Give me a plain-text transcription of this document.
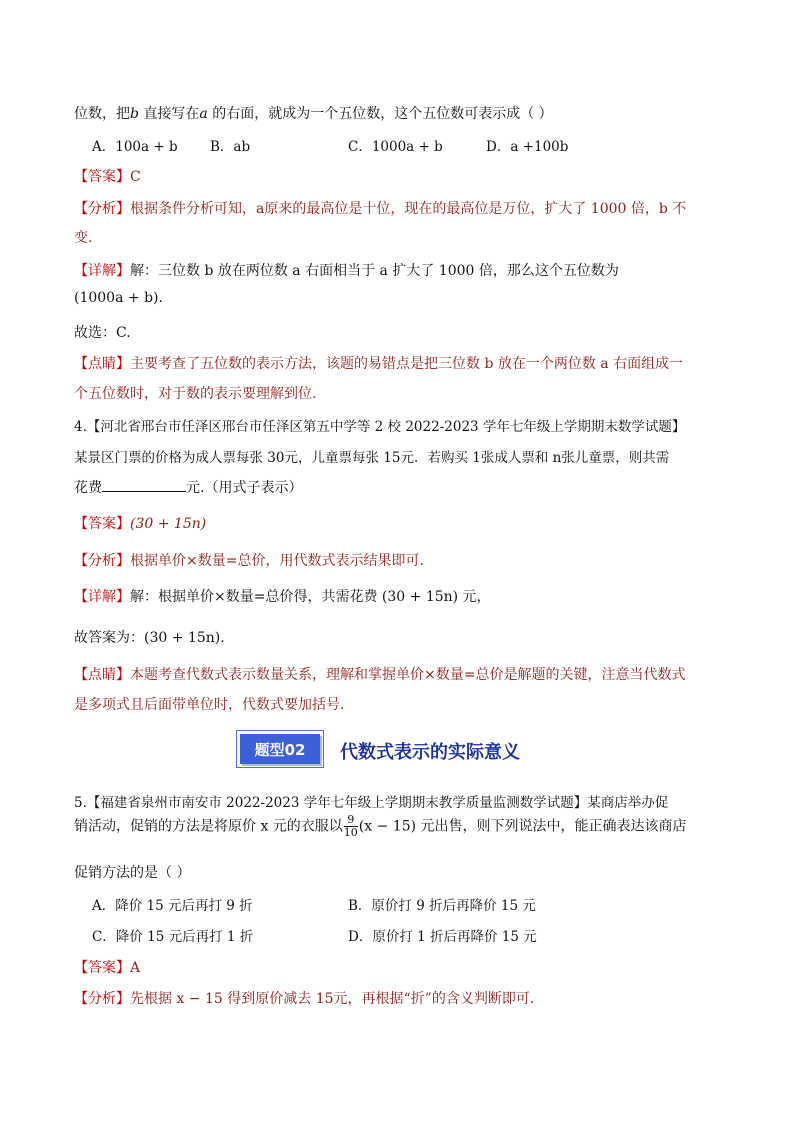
位数，把b 直接写在a 的右面，就成为一个五位数，这个五位数可表示成（ ）
A．100a + b B．ab	C．1000a + b	D．a +100b
【答案】C
【分析】根据条件分析可知，a原来的最高位是十位，现在的最高位是万位，扩大了 1000 倍，b 不
变.
【详解】解：三位数 b 放在两位数 a 右面相当于 a 扩大了 1000 倍，那么这个五位数为
(1000a + b).
故选：C.
【点睛】主要考查了五位数的表示方法，该题的易错点是把三位数 b 放在一个两位数 a 右面组成一
个五位数时，对于数的表示要理解到位.
4.【河北省邢台市任泽区邢台市任泽区第五中学等 2 校 2022-2023 学年七年级上学期期末数学试题】
某景区门票的价格为成人票每张 30元，儿童票每张 15元．若购买 1张成人票和 n张儿童票，则共需
花费	元.（用式子表示）
【答案】(30 + 15n)
【分析】根据单价×数量=总价，用代数式表示结果即可．
【详解】解：根据单价×数量=总价得，共需花费 (30 + 15n) 元，
故答案为：(30 + 15n).
【点睛】本题考查代数式表示数量关系，理解和掌握单价×数量=总价是解题的关键，注意当代数式
是多项式且后面带单位时，代数式要加括号.
题型02	代数式表示的实际意义
5.【福建省泉州市南安市 2022-2023 学年七年级上学期期末教学质量监测数学试题】某商店举办促
销活动，促销的方法是将原价 x 元的衣服以 $\frac{9}{10} (x - 15)$ 元出售，则下列说法中，能正确表达该商店
促销方法的是（ ）
A．降价 15 元后再打 9 折	B．原价打 9 折后再降价 15 元
C．降价 15 元后再打 1 折	D．原价打 1 折后再降价 15 元
【答案】A
【分析】先根据 x − 15 得到原价减去 15元，再根据“折”的含义判断即可．
